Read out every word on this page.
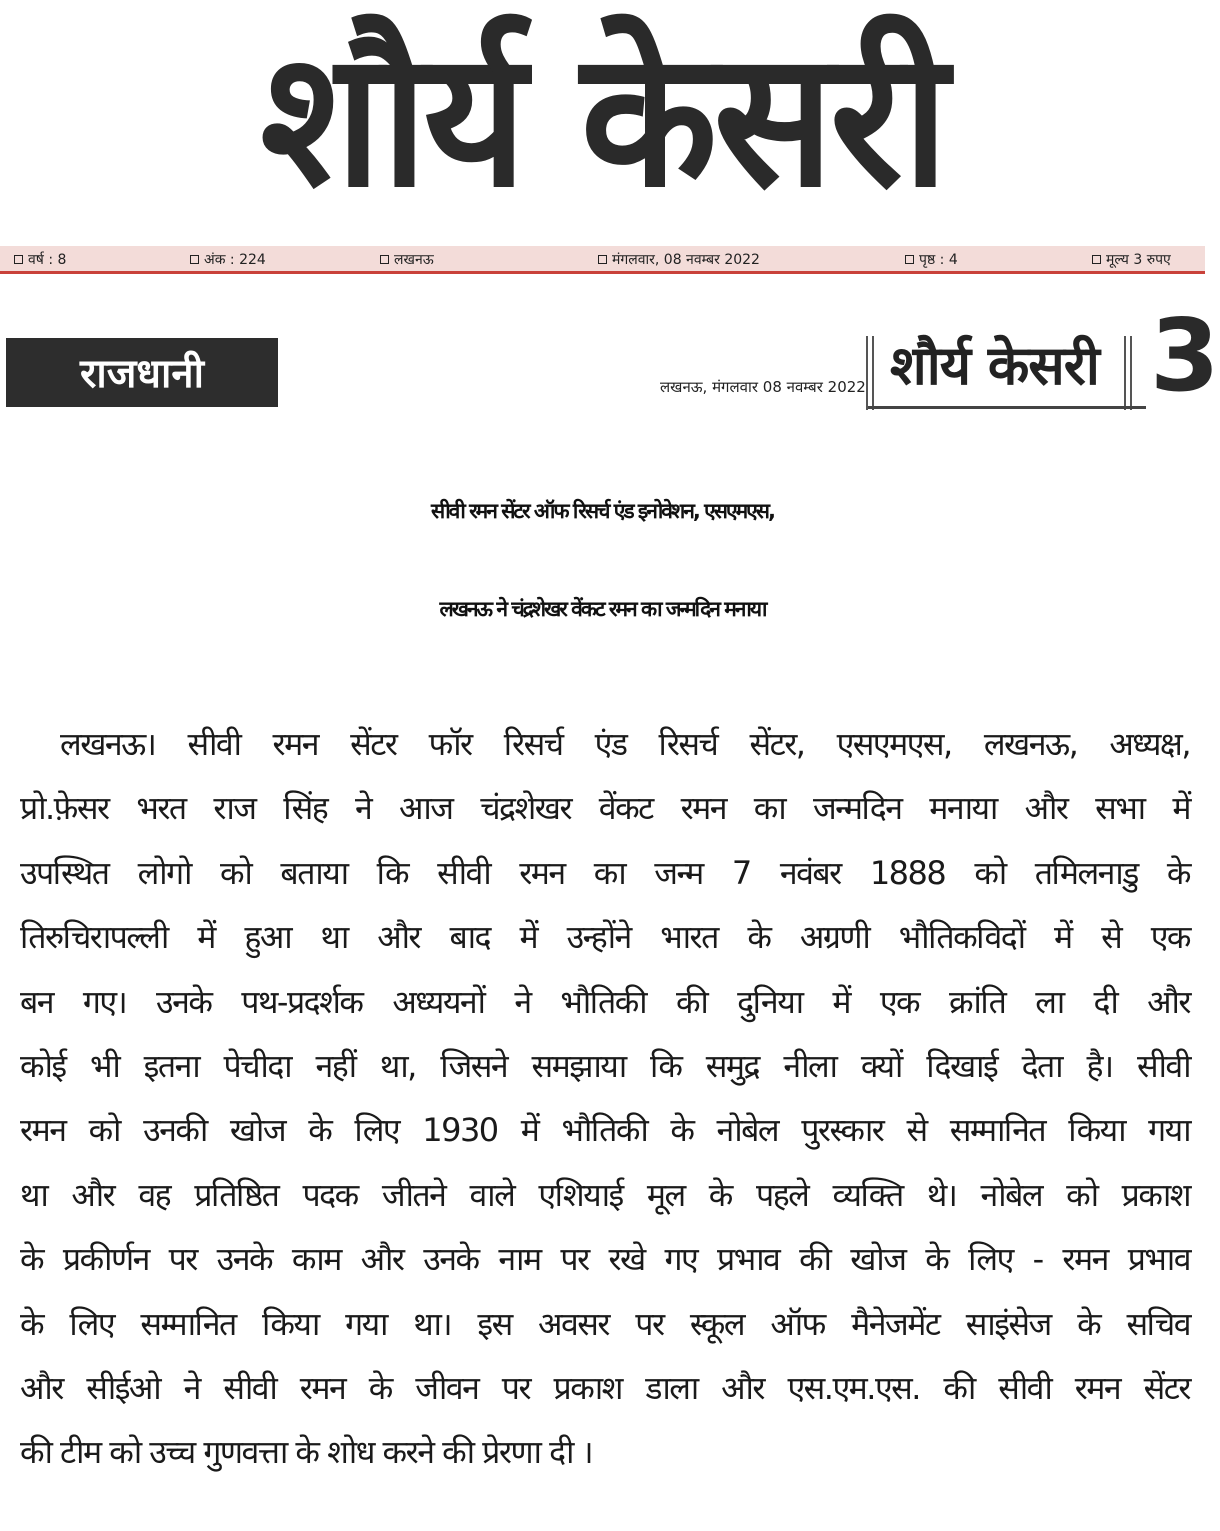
शौर्य केसरी
वर्ष : 8	अंक : 224	लखनऊ	मंगलवार, 08 नवम्बर 2022	पृष्ठ : 4	मूल्य 3 रुपए
राजधानी	लखनऊ, मंगलवार 08 नवम्बर 2022 शौर्य केसरी 3
सीवी रमन सेंटर ऑफ रिसर्च एंड इनोवेशन, एसएमएस,
लखनऊ ने चंद्रशेखर वेंकट रमन का जन्मदिन मनाया
लखनऊ। सीवी रमन सेंटर फॉर रिसर्च एंड रिसर्च सेंटर, एसएमएस, लखनऊ, अध्यक्ष,
प्रो.फ़ेसर भरत राज सिंह ने आज चंद्रशेखर वेंकट रमन का जन्मदिन मनाया और सभा में
उपस्थित लोगो को बताया कि सीवी रमन का जन्म 7 नवंबर 1888 को तमिलनाडु के
तिरुचिरापल्ली में हुआ था और बाद में उन्होंने भारत के अग्रणी भौतिकविदों में से एक
बन गए। उनके पथ-प्रदर्शक अध्ययनों ने भौतिकी की दुनिया में एक क्रांति ला दी और
कोई भी इतना पेचीदा नहीं था, जिसने समझाया कि समुद्र नीला क्यों दिखाई देता है। सीवी
रमन को उनकी खोज के लिए 1930 में भौतिकी के नोबेल पुरस्कार से सम्मानित किया गया
था और वह प्रतिष्ठित पदक जीतने वाले एशियाई मूल के पहले व्यक्ति थे। नोबेल को प्रकाश
के प्रकीर्णन पर उनके काम और उनके नाम पर रखे गए प्रभाव की खोज के लिए - रमन प्रभाव
के लिए सम्मानित किया गया था। इस अवसर पर स्कूल ऑफ मैनेजमेंट साइंसेज के सचिव
और सीईओ ने सीवी रमन के जीवन पर प्रकाश डाला और एस.एम.एस. की सीवी रमन सेंटर
की टीम को उच्च गुणवत्ता के शोध करने की प्रेरणा दी ।
